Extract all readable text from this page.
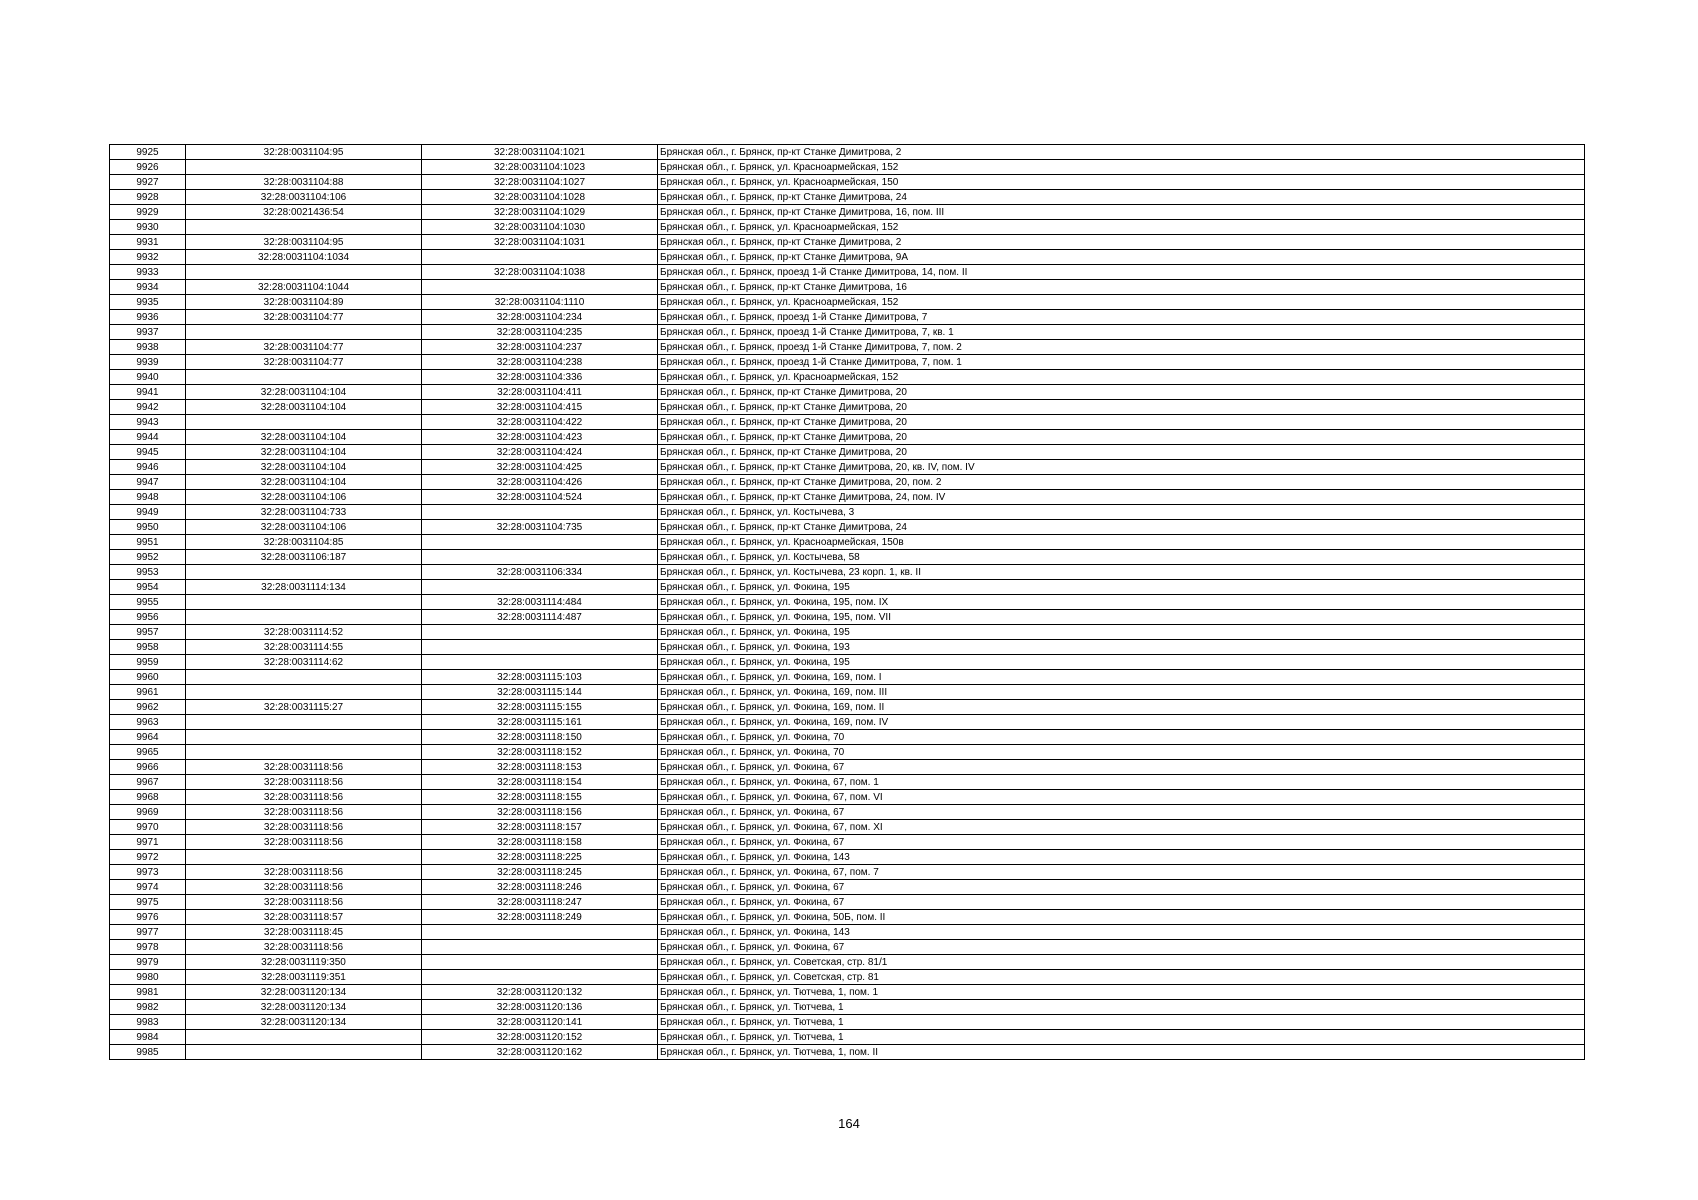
9925	32:28:0031104:95	32:28:0031104:1021	Брянская обл., г. Брянск, пр-кт Станке Димитрова, 2
9926		32:28:0031104:1023	Брянская обл., г. Брянск, ул. Красноармейская, 152
9927	32:28:0031104:88	32:28:0031104:1027	Брянская обл., г. Брянск, ул. Красноармейская, 150
9928	32:28:0031104:106	32:28:0031104:1028	Брянская обл., г. Брянск, пр-кт Станке Димитрова, 24
9929	32:28:0021436:54	32:28:0031104:1029	Брянская обл., г. Брянск, пр-кт Станке Димитрова, 16, пом. III
9930		32:28:0031104:1030	Брянская обл., г. Брянск, ул. Красноармейская, 152
9931	32:28:0031104:95	32:28:0031104:1031	Брянская обл., г. Брянск, пр-кт Станке Димитрова, 2
9932	32:28:0031104:1034		Брянская обл., г. Брянск, пр-кт Станке Димитрова, 9А
9933		32:28:0031104:1038	Брянская обл., г. Брянск, проезд 1-й Станке Димитрова, 14, пом. II
9934	32:28:0031104:1044		Брянская обл., г. Брянск, пр-кт Станке Димитрова, 16
9935	32:28:0031104:89	32:28:0031104:1110	Брянская обл., г. Брянск, ул. Красноармейская, 152
9936	32:28:0031104:77	32:28:0031104:234	Брянская обл., г. Брянск, проезд 1-й Станке Димитрова, 7
9937		32:28:0031104:235	Брянская обл., г. Брянск, проезд 1-й Станке Димитрова, 7, кв. 1
9938	32:28:0031104:77	32:28:0031104:237	Брянская обл., г. Брянск, проезд 1-й Станке Димитрова, 7, пом. 2
9939	32:28:0031104:77	32:28:0031104:238	Брянская обл., г. Брянск, проезд 1-й Станке Димитрова, 7, пом. 1
9940		32:28:0031104:336	Брянская обл., г. Брянск, ул. Красноармейская, 152
9941	32:28:0031104:104	32:28:0031104:411	Брянская обл., г. Брянск, пр-кт Станке Димитрова, 20
9942	32:28:0031104:104	32:28:0031104:415	Брянская обл., г. Брянск, пр-кт Станке Димитрова, 20
9943		32:28:0031104:422	Брянская обл., г. Брянск, пр-кт Станке Димитрова, 20
9944	32:28:0031104:104	32:28:0031104:423	Брянская обл., г. Брянск, пр-кт Станке Димитрова, 20
9945	32:28:0031104:104	32:28:0031104:424	Брянская обл., г. Брянск, пр-кт Станке Димитрова, 20
9946	32:28:0031104:104	32:28:0031104:425	Брянская обл., г. Брянск, пр-кт Станке Димитрова, 20, кв. IV, пом. IV
9947	32:28:0031104:104	32:28:0031104:426	Брянская обл., г. Брянск, пр-кт Станке Димитрова, 20, пом. 2
9948	32:28:0031104:106	32:28:0031104:524	Брянская обл., г. Брянск, пр-кт Станке Димитрова, 24, пом. IV
9949	32:28:0031104:733		Брянская обл., г. Брянск, ул. Костычева, 3
9950	32:28:0031104:106	32:28:0031104:735	Брянская обл., г. Брянск, пр-кт Станке Димитрова, 24
9951	32:28:0031104:85		Брянская обл., г. Брянск, ул. Красноармейская, 150в
9952	32:28:0031106:187		Брянская обл., г. Брянск, ул. Костычева, 58
9953		32:28:0031106:334	Брянская обл., г. Брянск, ул. Костычева, 23 корп. 1, кв. II
9954	32:28:0031114:134		Брянская обл., г. Брянск, ул. Фокина, 195
9955		32:28:0031114:484	Брянская обл., г. Брянск, ул. Фокина, 195, пом. IX
9956		32:28:0031114:487	Брянская обл., г. Брянск, ул. Фокина, 195, пом. VII
9957	32:28:0031114:52		Брянская обл., г. Брянск, ул. Фокина, 195
9958	32:28:0031114:55		Брянская обл., г. Брянск, ул. Фокина, 193
9959	32:28:0031114:62		Брянская обл., г. Брянск, ул. Фокина, 195
9960		32:28:0031115:103	Брянская обл., г. Брянск, ул. Фокина, 169, пом. I
9961		32:28:0031115:144	Брянская обл., г. Брянск, ул. Фокина, 169, пом. III
9962	32:28:0031115:27	32:28:0031115:155	Брянская обл., г. Брянск, ул. Фокина, 169, пом. II
9963		32:28:0031115:161	Брянская обл., г. Брянск, ул. Фокина, 169, пом. IV
9964		32:28:0031118:150	Брянская обл., г. Брянск, ул. Фокина, 70
9965		32:28:0031118:152	Брянская обл., г. Брянск, ул. Фокина, 70
9966	32:28:0031118:56	32:28:0031118:153	Брянская обл., г. Брянск, ул. Фокина, 67
9967	32:28:0031118:56	32:28:0031118:154	Брянская обл., г. Брянск, ул. Фокина, 67, пом. 1
9968	32:28:0031118:56	32:28:0031118:155	Брянская обл., г. Брянск, ул. Фокина, 67, пом. VI
9969	32:28:0031118:56	32:28:0031118:156	Брянская обл., г. Брянск, ул. Фокина, 67
9970	32:28:0031118:56	32:28:0031118:157	Брянская обл., г. Брянск, ул. Фокина, 67, пом. XI
9971	32:28:0031118:56	32:28:0031118:158	Брянская обл., г. Брянск, ул. Фокина, 67
9972		32:28:0031118:225	Брянская обл., г. Брянск, ул. Фокина, 143
9973	32:28:0031118:56	32:28:0031118:245	Брянская обл., г. Брянск, ул. Фокина, 67, пом. 7
9974	32:28:0031118:56	32:28:0031118:246	Брянская обл., г. Брянск, ул. Фокина, 67
9975	32:28:0031118:56	32:28:0031118:247	Брянская обл., г. Брянск, ул. Фокина, 67
9976	32:28:0031118:57	32:28:0031118:249	Брянская обл., г. Брянск, ул. Фокина, 50Б, пом. II
9977	32:28:0031118:45		Брянская обл., г. Брянск, ул. Фокина, 143
9978	32:28:0031118:56		Брянская обл., г. Брянск, ул. Фокина, 67
9979	32:28:0031119:350		Брянская обл., г. Брянск, ул. Советская, стр. 81/1
9980	32:28:0031119:351		Брянская обл., г. Брянск, ул. Советская, стр. 81
9981	32:28:0031120:134	32:28:0031120:132	Брянская обл., г. Брянск, ул. Тютчева, 1, пом. 1
9982	32:28:0031120:134	32:28:0031120:136	Брянская обл., г. Брянск, ул. Тютчева, 1
9983	32:28:0031120:134	32:28:0031120:141	Брянская обл., г. Брянск, ул. Тютчева, 1
9984		32:28:0031120:152	Брянская обл., г. Брянск, ул. Тютчева, 1
9985		32:28:0031120:162	Брянская обл., г. Брянск, ул. Тютчева, 1, пом. II
164
